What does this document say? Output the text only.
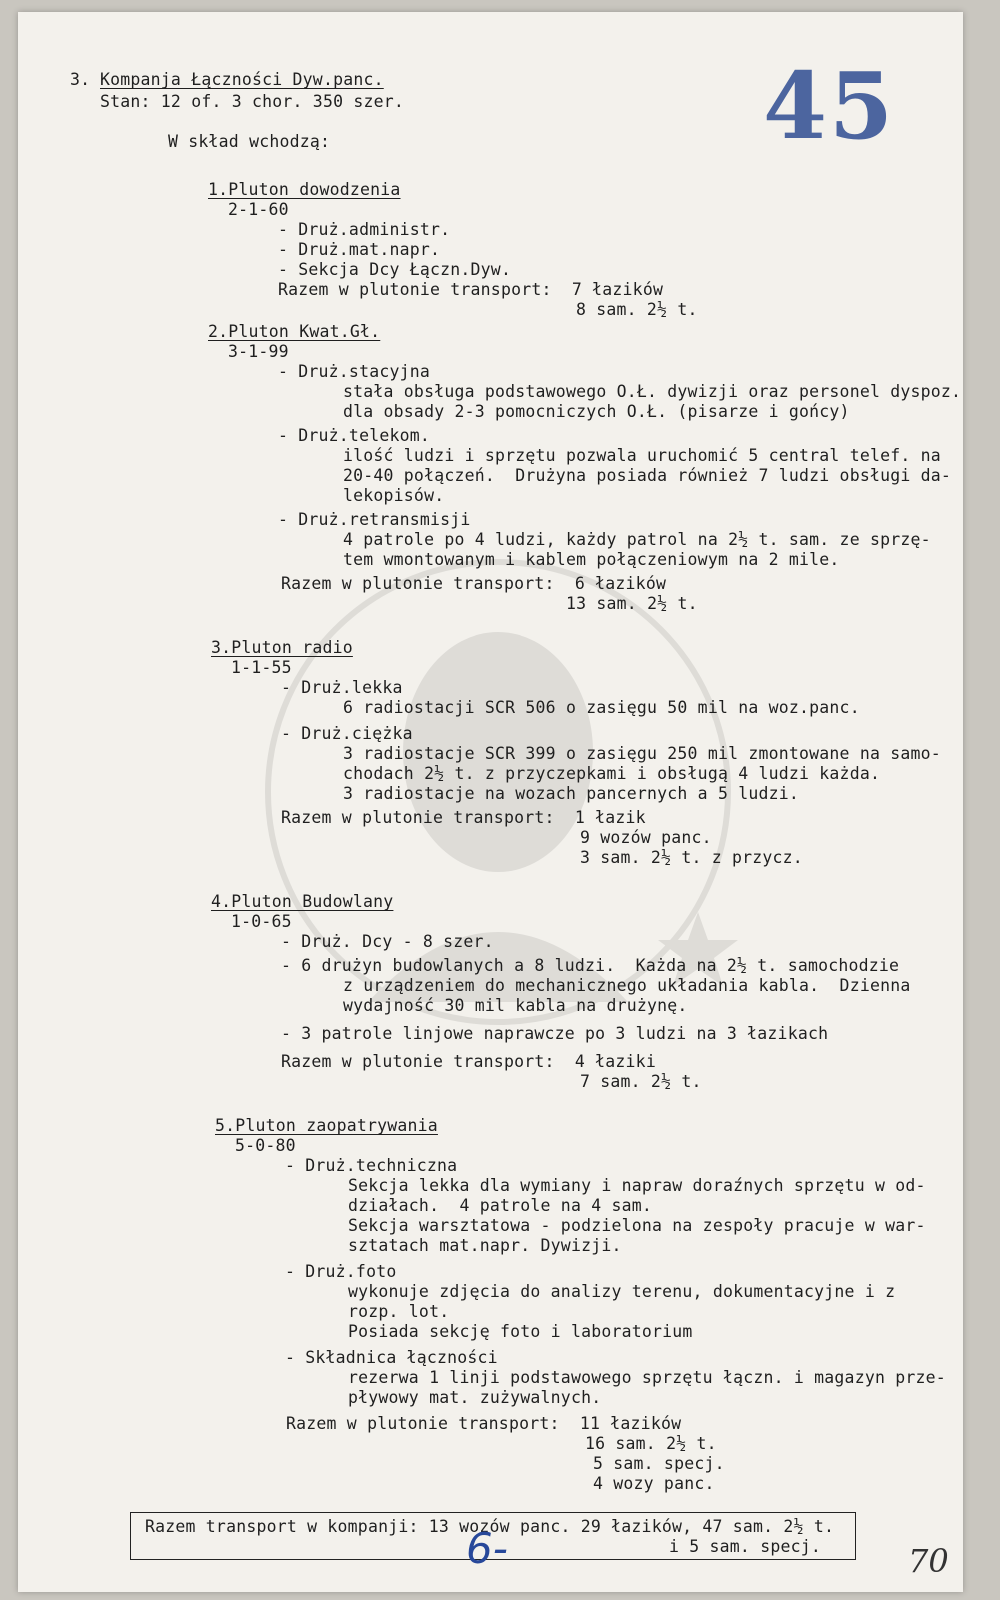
45
3. Kompanja Łączności Dyw.panc.
Stan: 12 of. 3 chor. 350 szer.
W skład wchodzą:
1.Pluton dowodzenia
2-1-60
- Druż.administr.
- Druż.mat.napr.
- Sekcja Dcy Łączn.Dyw.
Razem w plutonie transport:  7 łazików
8 sam. 2½ t.
2.Pluton Kwat.Gł.
3-1-99
- Druż.stacyjna
stała obsługa podstawowego O.Ł. dywizji oraz personel dyspoz.
dla obsady 2-3 pomocniczych O.Ł. (pisarze i gońcy)
- Druż.telekom.
ilość ludzi i sprzętu pozwala uruchomić 5 central telef. na
20-40 połączeń.  Drużyna posiada również 7 ludzi obsługi da-
lekopisów.
- Druż.retransmisji
4 patrole po 4 ludzi, każdy patrol na 2½ t. sam. ze sprzę-
tem wmontowanym i kablem połączeniowym na 2 mile.
Razem w plutonie transport:  6 łazików
13 sam. 2½ t.
3.Pluton radio
1-1-55
- Druż.lekka
6 radiostacji SCR 506 o zasięgu 50 mil na woz.panc.
- Druż.ciężka
3 radiostacje SCR 399 o zasięgu 250 mil zmontowane na samo-
chodach 2½ t. z przyczepkami i obsługą 4 ludzi każda.
3 radiostacje na wozach pancernych a 5 ludzi.
Razem w plutonie transport:  1 łazik
9 wozów panc.
3 sam. 2½ t. z przycz.
4.Pluton Budowlany
1-0-65
- Druż. Dcy - 8 szer.
- 6 drużyn budowlanych a 8 ludzi.  Każda na 2½ t. samochodzie
z urządzeniem do mechanicznego układania kabla.  Dzienna
wydajność 30 mil kabla na drużynę.
- 3 patrole linjowe naprawcze po 3 ludzi na 3 łazikach
Razem w plutonie transport:  4 łaziki
7 sam. 2½ t.
5.Pluton zaopatrywania
5-0-80
- Druż.techniczna
Sekcja lekka dla wymiany i napraw doraźnych sprzętu w od-
działach.  4 patrole na 4 sam.
Sekcja warsztatowa - podzielona na zespoły pracuje w war-
sztatach mat.napr. Dywizji.
- Druż.foto
wykonuje zdjęcia do analizy terenu, dokumentacyjne i z
rozp. lot.
Posiada sekcję foto i laboratorium
- Składnica łączności
rezerwa 1 linji podstawowego sprzętu łączn. i magazyn prze-
pływowy mat. zużywalnych.
Razem w plutonie transport:  11 łazików
16 sam. 2½ t.
5 sam. specj.
4 wozy panc.
Razem transport w kompanji: 13 wozów panc. 29 łazików, 47 sam. 2½ t.
i 5 sam. specj.
6-	70
